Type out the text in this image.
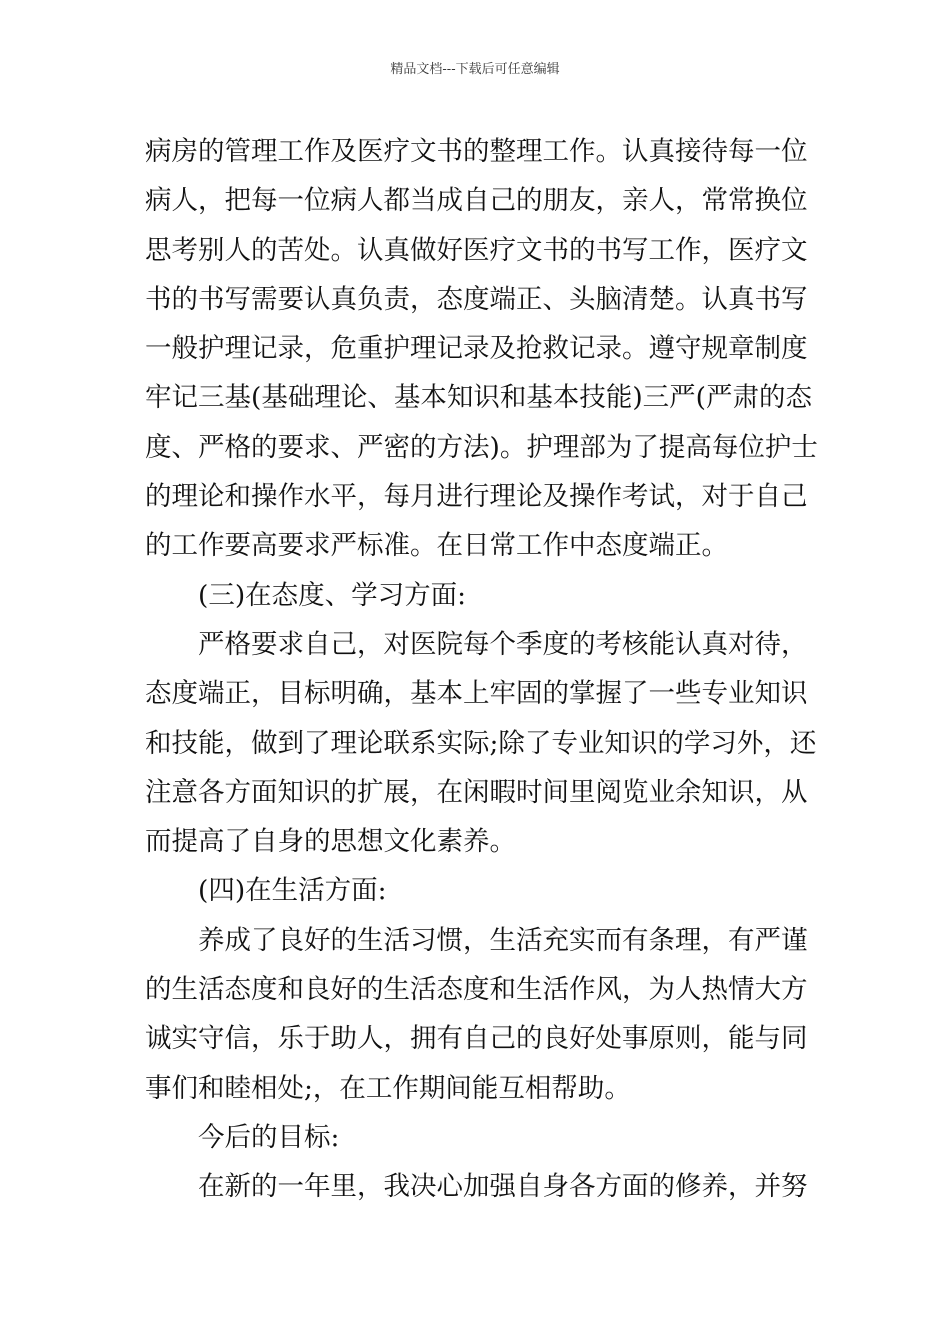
精品文档---下载后可任意编辑
病房的管理工作及医疗文书的整理工作。认真接待每一位
病人，把每一位病人都当成自己的朋友，亲人，常常换位
思考别人的苦处。认真做好医疗文书的书写工作，医疗文
书的书写需要认真负责，态度端正、头脑清楚。认真书写
一般护理记录，危重护理记录及抢救记录。遵守规章制度
牢记三基(基础理论、基本知识和基本技能)三严(严肃的态
度、严格的要求、严密的方法)。护理部为了提高每位护士
的理论和操作水平，每月进行理论及操作考试，对于自己
的工作要高要求严标准。在日常工作中态度端正。
(三)在态度、学习方面:
严格要求自己，对医院每个季度的考核能认真对待，
态度端正，目标明确，基本上牢固的掌握了一些专业知识
和技能，做到了理论联系实际;除了专业知识的学习外，还
注意各方面知识的扩展，在闲暇时间里阅览业余知识，从
而提高了自身的思想文化素养。
(四)在生活方面:
养成了良好的生活习惯，生活充实而有条理，有严谨
的生活态度和良好的生活态度和生活作风，为人热情大方
诚实守信，乐于助人，拥有自己的良好处事原则，能与同
事们和睦相处;，在工作期间能互相帮助。
今后的目标:
在新的一年里，我决心加强自身各方面的修养，并努
